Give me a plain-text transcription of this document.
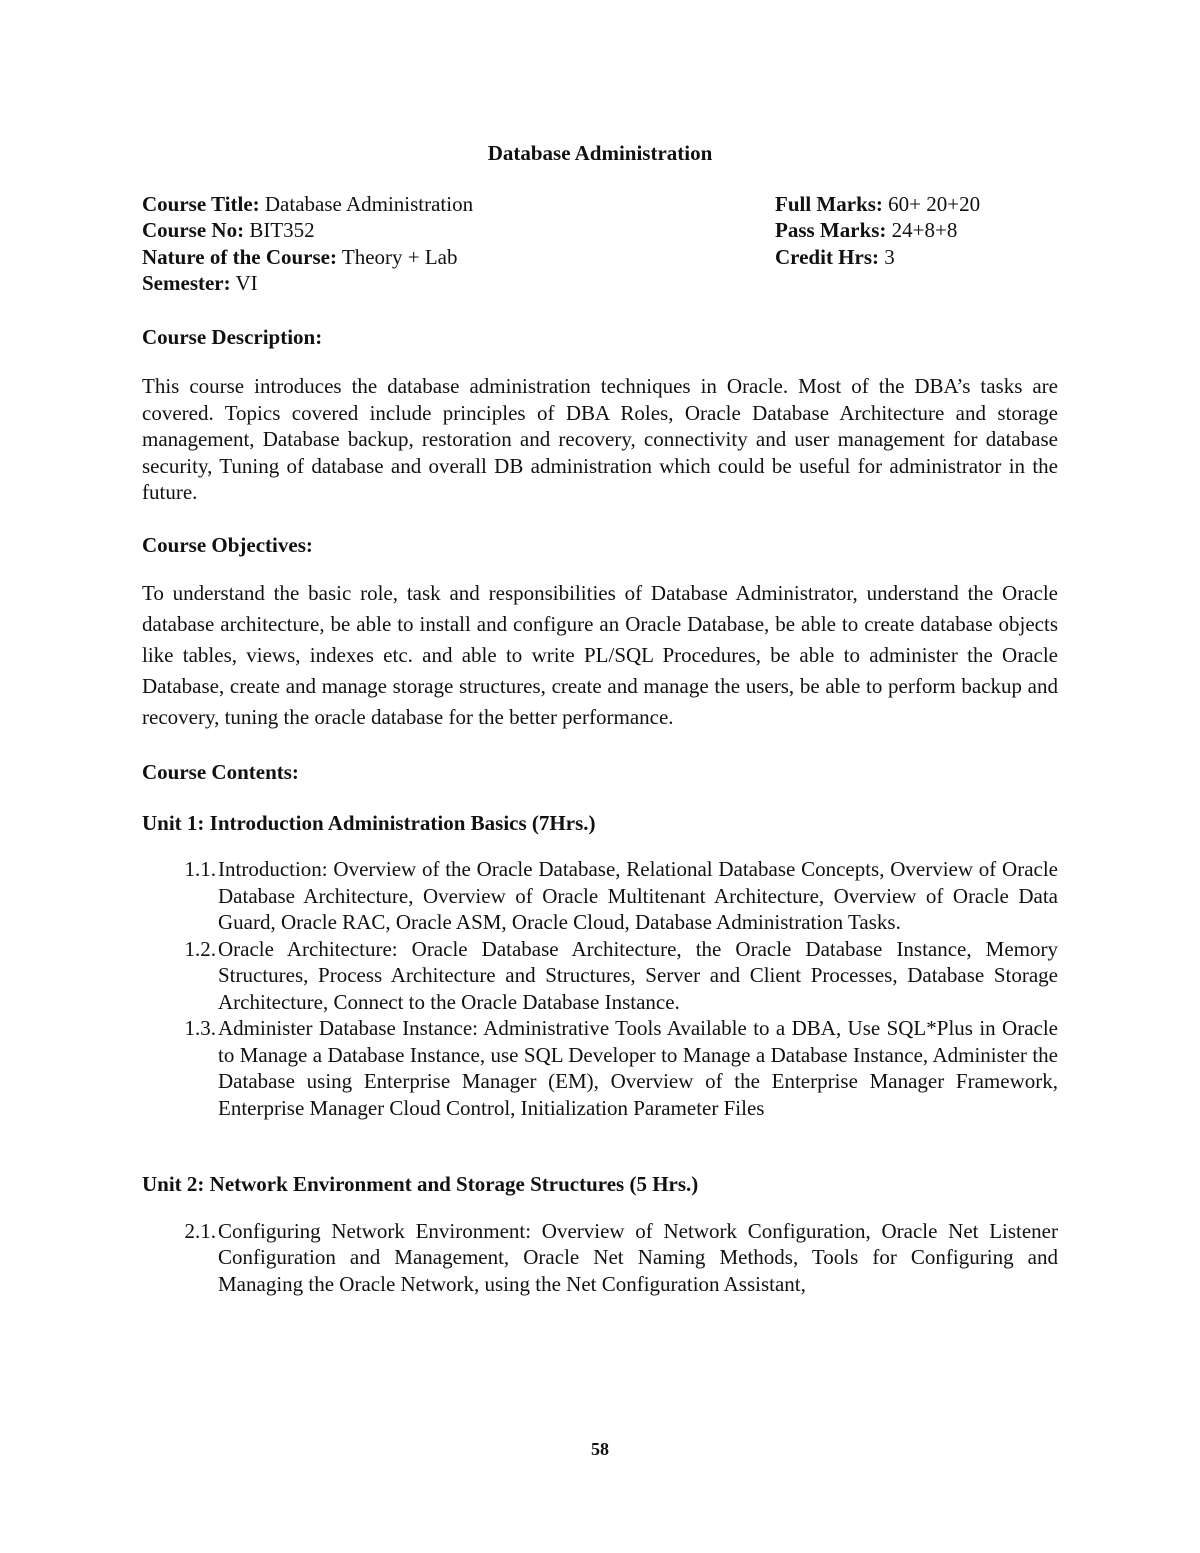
Database Administration
Course Title: Database Administration
Course No: BIT352
Nature of the Course: Theory + Lab
Semester: VI
Full Marks: 60+ 20+20
Pass Marks: 24+8+8
Credit Hrs: 3

Course Description:

This course introduces the database administration techniques in Oracle. Most of the DBA’s tasks are covered. Topics covered include principles of DBA Roles, Oracle Database Architecture and storage management, Database backup, restoration and recovery, connectivity and user management for database security, Tuning of database and overall DB administration which could be useful for administrator in the future.

Course Objectives:

To understand the basic role, task and responsibilities of Database Administrator, understand the Oracle database architecture, be able to install and configure an Oracle Database, be able to create database objects like tables, views, indexes etc. and able to write PL/SQL Procedures, be able to administer the Oracle Database, create and manage storage structures, create and manage the users, be able to perform backup and recovery, tuning the oracle database for the better performance.

Course Contents:

Unit 1: Introduction Administration Basics (7Hrs.)

1.1. Introduction: Overview of the Oracle Database, Relational Database Concepts, Overview of Oracle Database Architecture, Overview of Oracle Multitenant Architecture, Overview of Oracle Data Guard, Oracle RAC, Oracle ASM, Oracle Cloud, Database Administration Tasks.
1.2. Oracle Architecture: Oracle Database Architecture, the Oracle Database Instance, Memory Structures, Process Architecture and Structures, Server and Client Processes, Database Storage Architecture, Connect to the Oracle Database Instance.
1.3. Administer Database Instance: Administrative Tools Available to a DBA, Use SQL*Plus in Oracle to Manage a Database Instance, use SQL Developer to Manage a Database Instance, Administer the Database using Enterprise Manager (EM), Overview of the Enterprise Manager Framework, Enterprise Manager Cloud Control, Initialization Parameter Files

Unit 2: Network Environment and Storage Structures (5 Hrs.)

2.1. Configuring Network Environment: Overview of Network Configuration, Oracle Net Listener Configuration and Management, Oracle Net Naming Methods, Tools for Configuring and Managing the Oracle Network, using the Net Configuration Assistant,
58
